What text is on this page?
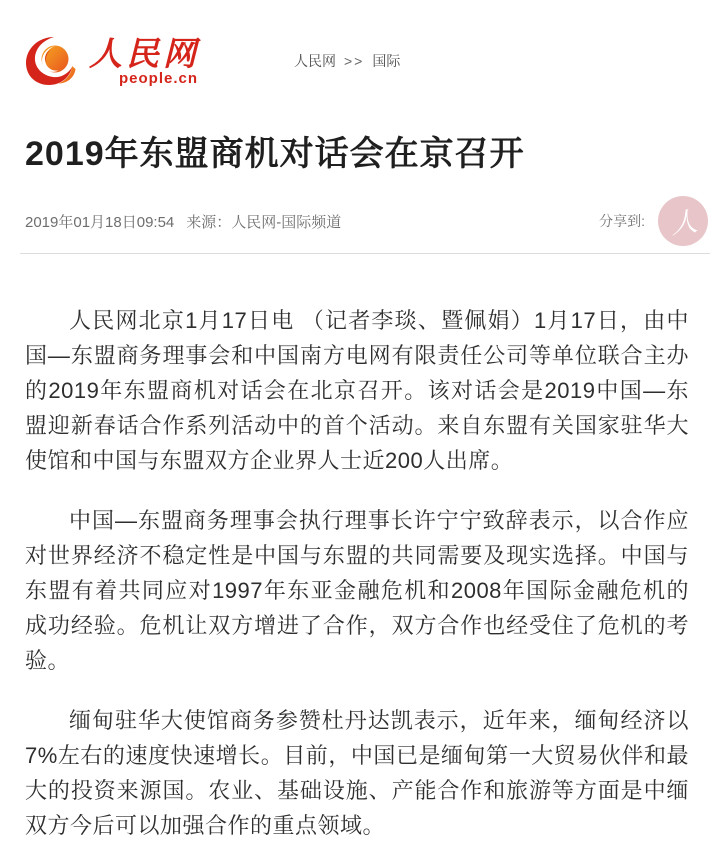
人民网
people.cn
人民网 >> 国际
2019年东盟商机对话会在京召开
2019年01月18日09:54 来源： 人民网-国际频道	分享到: 人

人民网北京1月17日电 （记者李琰、暨佩娟）1月17日，由中国—东盟商务理事会和中国南方电网有限责任公司等单位联合主办的2019年东盟商机对话会在北京召开。该对话会是2019中国—东盟迎新春话合作系列活动中的首个活动。来自东盟有关国家驻华大使馆和中国与东盟双方企业界人士近200人出席。

中国—东盟商务理事会执行理事长许宁宁致辞表示，以合作应对世界经济不稳定性是中国与东盟的共同需要及现实选择。中国与东盟有着共同应对1997年东亚金融危机和2008年国际金融危机的成功经验。危机让双方增进了合作，双方合作也经受住了危机的考验。

缅甸驻华大使馆商务参赞杜丹达凯表示，近年来，缅甸经济以7%左右的速度快速增长。目前，中国已是缅甸第一大贸易伙伴和最大的投资来源国。农业、基础设施、产能合作和旅游等方面是中缅双方今后可以加强合作的重点领域。
